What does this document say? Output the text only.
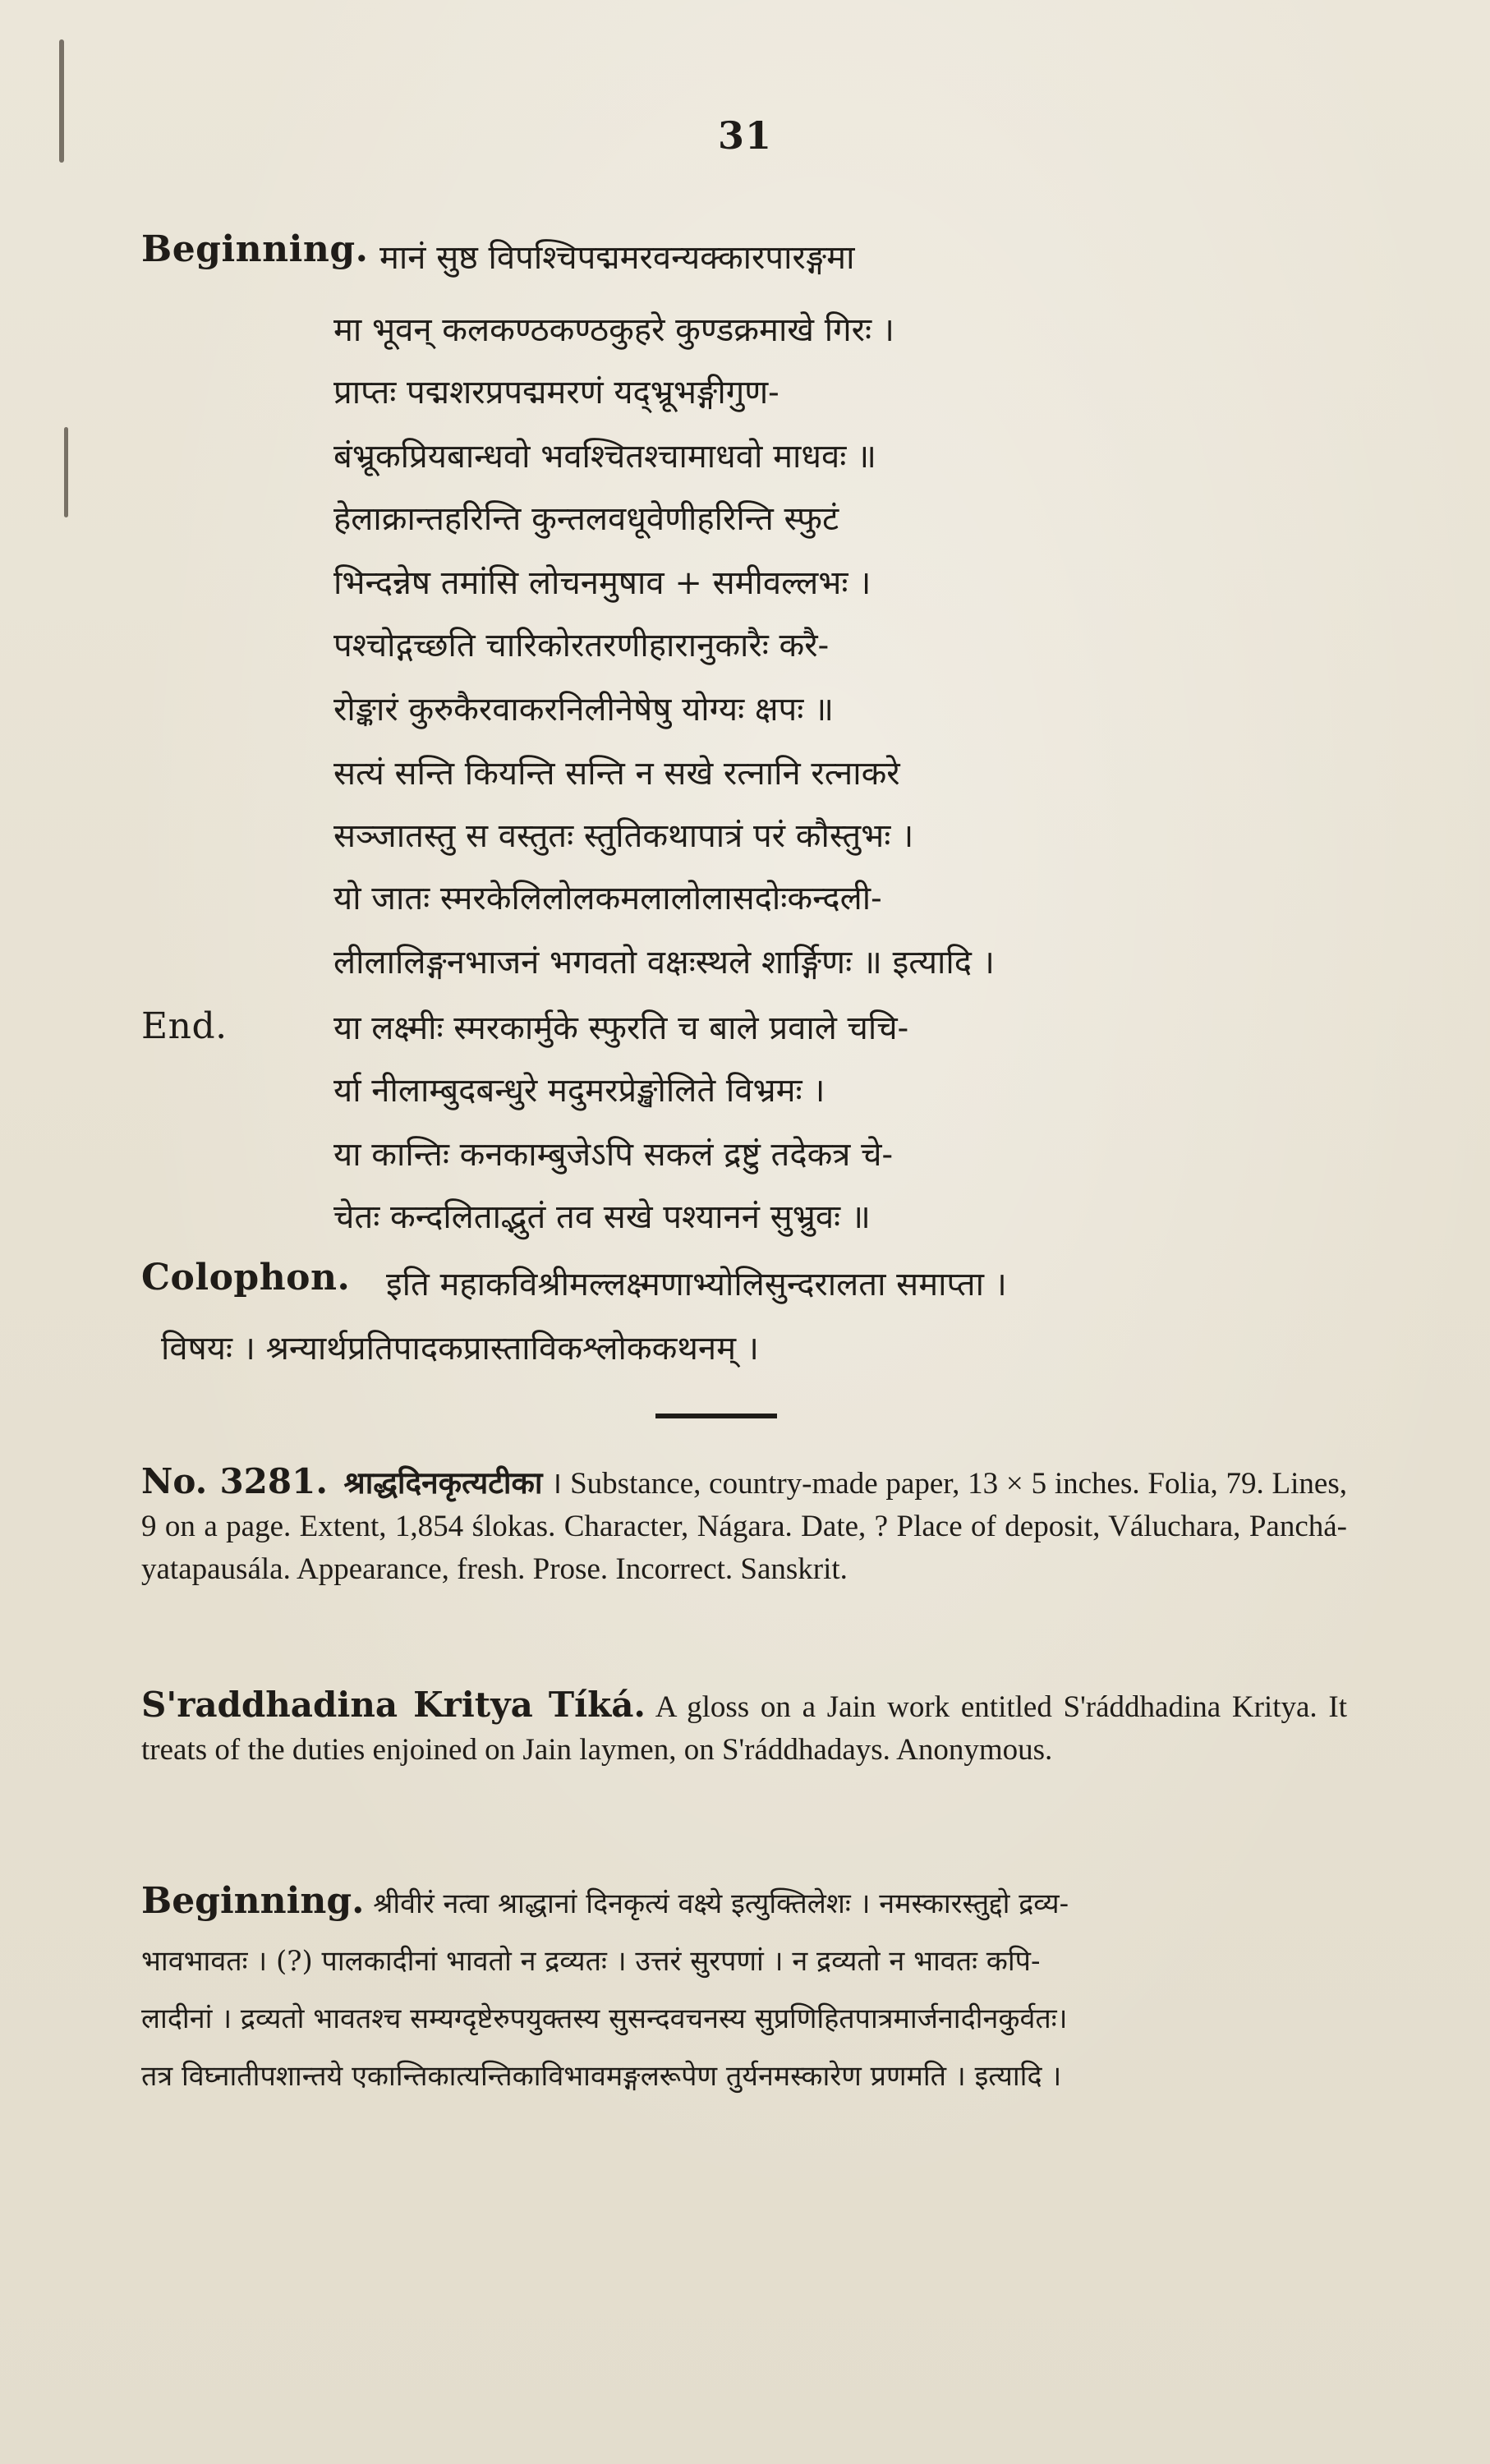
31
Beginning. मानं सुष्ठ विपश्चिपद्ममरवन्यक्कारपारङ्गमा
मा भूवन् कलकण्ठकण्ठकुहरे कुण्डक्रमाखे गिरः ।
प्राप्तः पद्मशरप्रपद्ममरणं यद्भ्रूभङ्गीगुण-
बंभ्रूकप्रियबान्धवो भवश्चितश्चामाधवो माधवः ॥
हेलाक्रान्तहरिन्ति कुन्तलवधूवेणीहरिन्ति स्फुटं
भिन्दन्नेष तमांसि लोचनमुषाव + समीवल्लभः ।
पश्चोद्गच्छति चारिकोरतरणीहारानुकारैः करै-
रोङ्कारं कुरुकैरवाकरनिलीनेषेषु योग्यः क्षपः ॥
सत्यं सन्ति कियन्ति सन्ति न सखे रत्नानि रत्नाकरे
सञ्जातस्तु स वस्तुतः स्तुतिकथापात्रं परं कौस्तुभः ।
यो जातः स्मरकेलिलोलकमलालोलासदोःकन्दली-
लीलालिङ्गनभाजनं भगवतो वक्षःस्थले शार्ङ्गिणः ॥ इत्यादि ।
End.	या लक्ष्मीः स्मरकार्मुके स्फुरति च बाले प्रवाले चचि-
र्या नीलाम्बुदबन्धुरे मदुमरप्रेङ्खोलिते विभ्रमः ।
या कान्तिः कनकाम्बुजेऽपि सकलं द्रष्टुं तदेकत्र चे-
चेतः कन्दलिताद्भुतं तव सखे पश्याननं सुभ्रुवः ॥
Colophon. इति महाकविश्रीमल्लक्ष्मणाभ्योलिसुन्दरालता समाप्ता ।
विषयः । श्रन्यार्थप्रतिपादकप्रास्ताविकश्लोककथनम् ।
No. 3281. श्राद्धदिनकृत्यटीका । Substance, country-made paper, 13 × 5 inches. Folia, 79. Lines, 9 on a page. Extent, 1,854 ślokas. Character, Nágara. Date, ? Place of deposit, Váluchara, Pancháyatapausála. Appearance, fresh. Prose. Incorrect. Sanskrit.
S'raddhadina Kritya Tíká. A gloss on a Jain work entitled S'ráddhadina Kritya. It treats of the duties enjoined on Jain laymen, on S'ráddhadays. Anonymous.
Beginning. श्रीवीरं नत्वा श्राद्धानां दिनकृत्यं वक्ष्ये इत्युक्तिलेशः । नमस्कारस्तुद्दो द्रव्य-
भावभावतः । (?) पालकादीनां भावतो न द्रव्यतः । उत्तरं सुरपणां । न द्रव्यतो न भावतः कपि-
लादीनां । द्रव्यतो भावतश्च सम्यग्दृष्टेरुपयुक्तस्य सुसन्दवचनस्य सुप्रणिहितपात्रमार्जनादीनकुर्वतः।
तत्र विघ्नातीपशान्तये एकान्तिकात्यन्तिकाविभावमङ्गलरूपेण तुर्यनमस्कारेण प्रणमति । इत्यादि ।
